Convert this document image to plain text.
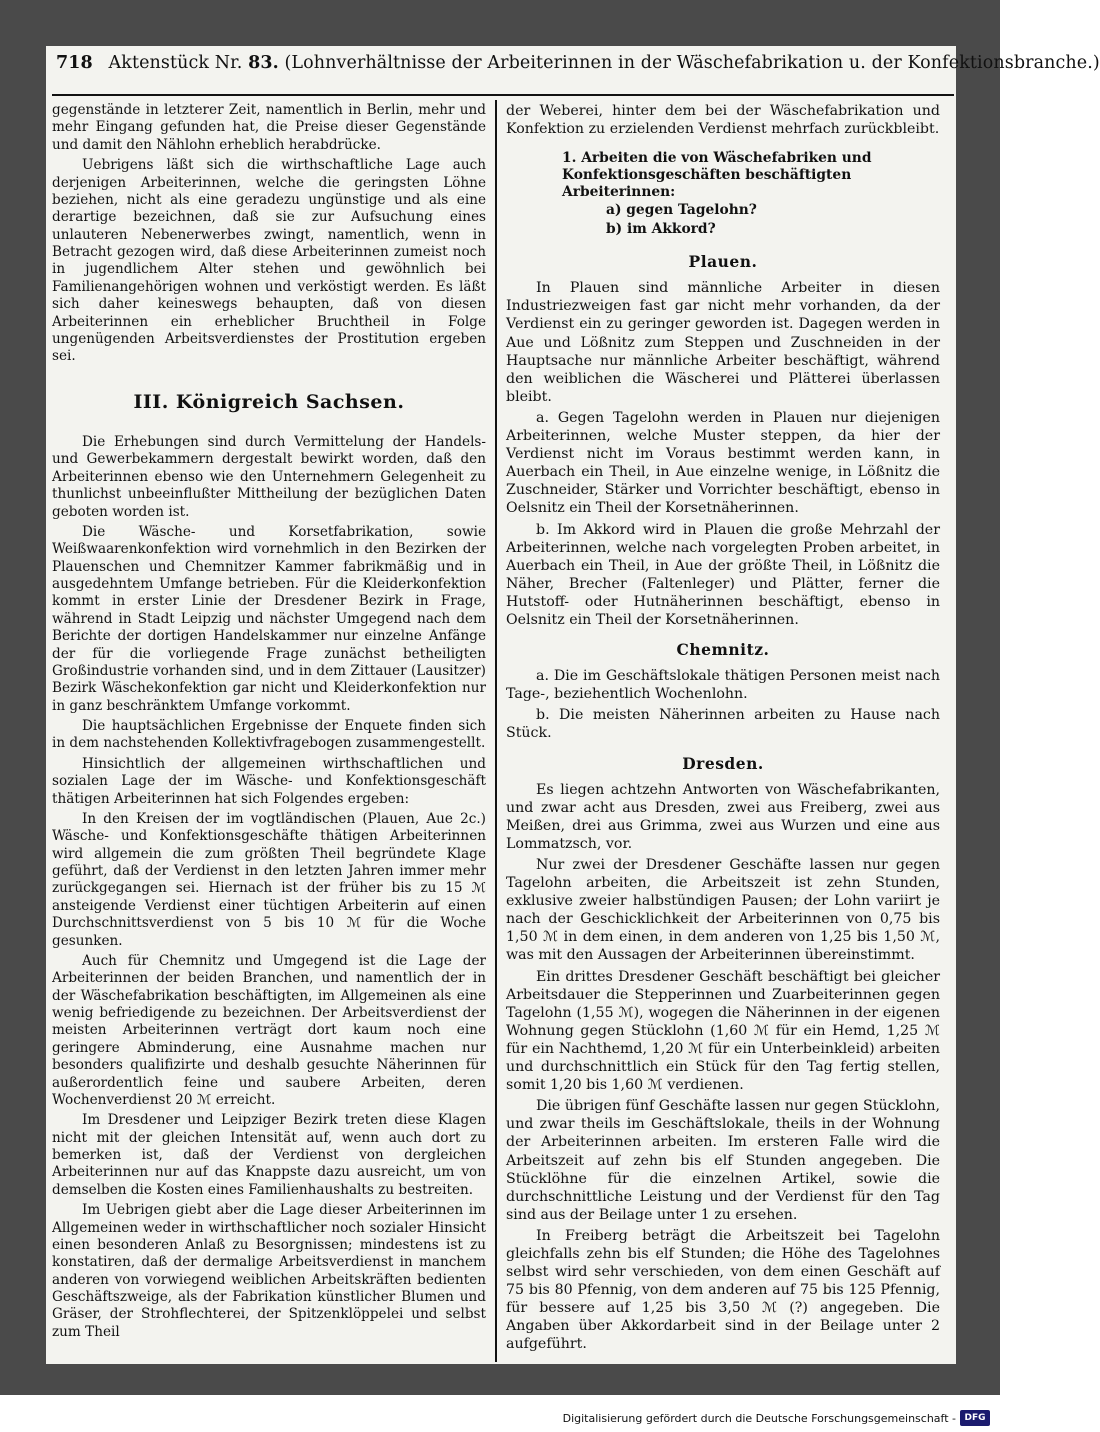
718 Aktenstück Nr. 83. (Lohnverhältnisse der Arbeiterinnen in der Wäschefabrikation u. der Konfektionsbranche.)

gegenstände in letzterer Zeit, namentlich in Berlin, mehr und mehr Eingang gefunden hat, die Preise dieser Gegenstände und damit den Nählohn erheblich herabdrücke.

Uebrigens läßt sich die wirthschaftliche Lage auch derjenigen Arbeiterinnen, welche die geringsten Löhne beziehen, nicht als eine geradezu ungünstige und als eine derartige bezeichnen, daß sie zur Aufsuchung eines unlauteren Nebenerwerbes zwingt, namentlich, wenn in Betracht gezogen wird, daß diese Arbeiterinnen zumeist noch in jugendlichem Alter stehen und gewöhnlich bei Familienangehörigen wohnen und verköstigt werden. Es läßt sich daher keineswegs behaupten, daß von diesen Arbeiterinnen ein erheblicher Bruchtheil in Folge ungenügenden Arbeitsverdienstes der Prostitution ergeben sei.

III. Königreich Sachsen.

Die Erhebungen sind durch Vermittelung der Handels- und Gewerbekammern dergestalt bewirkt worden, daß den Arbeiterinnen ebenso wie den Unternehmern Gelegenheit zu thunlichst unbeeinflußter Mittheilung der bezüglichen Daten geboten worden ist.

Die Wäsche- und Korsetfabrikation, sowie Weißwaarenkonfektion wird vornehmlich in den Bezirken der Plauenschen und Chemnitzer Kammer fabrikmäßig und in ausgedehntem Umfange betrieben. Für die Kleiderkonfektion kommt in erster Linie der Dresdener Bezirk in Frage, während in Stadt Leipzig und nächster Umgegend nach dem Berichte der dortigen Handelskammer nur einzelne Anfänge der für die vorliegende Frage zunächst betheiligten Großindustrie vorhanden sind, und in dem Zittauer (Lausitzer) Bezirk Wäschekonfektion gar nicht und Kleiderkonfektion nur in ganz beschränktem Umfange vorkommt.

Die hauptsächlichen Ergebnisse der Enquete finden sich in dem nachstehenden Kollektivfragebogen zusammengestellt.

Hinsichtlich der allgemeinen wirthschaftlichen und sozialen Lage der im Wäsche- und Konfektionsgeschäft thätigen Arbeiterinnen hat sich Folgendes ergeben:

In den Kreisen der im vogtländischen (Plauen, Aue 2c.) Wäsche- und Konfektionsgeschäfte thätigen Arbeiterinnen wird allgemein die zum größten Theil begründete Klage geführt, daß der Verdienst in den letzten Jahren immer mehr zurückgegangen sei. Hiernach ist der früher bis zu 15 ℳ ansteigende Verdienst einer tüchtigen Arbeiterin auf einen Durchschnittsverdienst von 5 bis 10 ℳ für die Woche gesunken.

Auch für Chemnitz und Umgegend ist die Lage der Arbeiterinnen der beiden Branchen, und namentlich der in der Wäschefabrikation beschäftigten, im Allgemeinen als eine wenig befriedigende zu bezeichnen. Der Arbeitsverdienst der meisten Arbeiterinnen verträgt dort kaum noch eine geringere Abminderung, eine Ausnahme machen nur besonders qualifizirte und deshalb gesuchte Näherinnen für außerordentlich feine und saubere Arbeiten, deren Wochenverdienst 20 ℳ erreicht.

Im Dresdener und Leipziger Bezirk treten diese Klagen nicht mit der gleichen Intensität auf, wenn auch dort zu bemerken ist, daß der Verdienst von dergleichen Arbeiterinnen nur auf das Knappste dazu ausreicht, um von demselben die Kosten eines Familienhaushalts zu bestreiten.

Im Uebrigen giebt aber die Lage dieser Arbeiterinnen im Allgemeinen weder in wirthschaftlicher noch sozialer Hinsicht einen besonderen Anlaß zu Besorgnissen; mindestens ist zu konstatiren, daß der dermalige Arbeitsverdienst in manchem anderen von vorwiegend weiblichen Arbeitskräften bedienten Geschäftszweige, als der Fabrikation künstlicher Blumen und Gräser, der Strohflechterei, der Spitzenklöppelei und selbst zum Theil

der Weberei, hinter dem bei der Wäschefabrikation und Konfektion zu erzielenden Verdienst mehrfach zurückbleibt.

1. Arbeiten die von Wäschefabriken und Konfektionsgeschäften beschäftigten Arbeiterinnen:
a) gegen Tagelohn?
b) im Akkord?
Plauen.

In Plauen sind männliche Arbeiter in diesen Industriezweigen fast gar nicht mehr vorhanden, da der Verdienst ein zu geringer geworden ist. Dagegen werden in Aue und Lößnitz zum Steppen und Zuschneiden in der Hauptsache nur männliche Arbeiter beschäftigt, während den weiblichen die Wäscherei und Plätterei überlassen bleibt.

a. Gegen Tagelohn werden in Plauen nur diejenigen Arbeiterinnen, welche Muster steppen, da hier der Verdienst nicht im Voraus bestimmt werden kann, in Auerbach ein Theil, in Aue einzelne wenige, in Lößnitz die Zuschneider, Stärker und Vorrichter beschäftigt, ebenso in Oelsnitz ein Theil der Korsetnäherinnen.

b. Im Akkord wird in Plauen die große Mehrzahl der Arbeiterinnen, welche nach vorgelegten Proben arbeitet, in Auerbach ein Theil, in Aue der größte Theil, in Lößnitz die Näher, Brecher (Faltenleger) und Plätter, ferner die Hutstoff- oder Hutnäherinnen beschäftigt, ebenso in Oelsnitz ein Theil der Korsetnäherinnen.

Chemnitz.

a. Die im Geschäftslokale thätigen Personen meist nach Tage-, beziehentlich Wochenlohn.

b. Die meisten Näherinnen arbeiten zu Hause nach Stück.

Dresden.

Es liegen achtzehn Antworten von Wäschefabrikanten, und zwar acht aus Dresden, zwei aus Freiberg, zwei aus Meißen, drei aus Grimma, zwei aus Wurzen und eine aus Lommatzsch, vor.

Nur zwei der Dresdener Geschäfte lassen nur gegen Tagelohn arbeiten, die Arbeitszeit ist zehn Stunden, exklusive zweier halbstündigen Pausen; der Lohn variirt je nach der Geschicklichkeit der Arbeiterinnen von 0,75 bis 1,50 ℳ in dem einen, in dem anderen von 1,25 bis 1,50 ℳ, was mit den Aussagen der Arbeiterinnen übereinstimmt.

Ein drittes Dresdener Geschäft beschäftigt bei gleicher Arbeitsdauer die Stepperinnen und Zuarbeiterinnen gegen Tagelohn (1,55 ℳ), wogegen die Näherinnen in der eigenen Wohnung gegen Stücklohn (1,60 ℳ für ein Hemd, 1,25 ℳ für ein Nachthemd, 1,20 ℳ für ein Unterbeinkleid) arbeiten und durchschnittlich ein Stück für den Tag fertig stellen, somit 1,20 bis 1,60 ℳ verdienen.

Die übrigen fünf Geschäfte lassen nur gegen Stücklohn, und zwar theils im Geschäftslokale, theils in der Wohnung der Arbeiterinnen arbeiten. Im ersteren Falle wird die Arbeitszeit auf zehn bis elf Stunden angegeben. Die Stücklöhne für die einzelnen Artikel, sowie die durchschnittliche Leistung und der Verdienst für den Tag sind aus der Beilage unter 1 zu ersehen.

In Freiberg beträgt die Arbeitszeit bei Tagelohn gleichfalls zehn bis elf Stunden; die Höhe des Tagelohnes selbst wird sehr verschieden, von dem einen Geschäft auf 75 bis 80 Pfennig, von dem anderen auf 75 bis 125 Pfennig, für bessere auf 1,25 bis 3,50 ℳ (?) angegeben. Die Angaben über Akkordarbeit sind in der Beilage unter 2 aufgeführt.

Digitalisierung gefördert durch die Deutsche Forschungsgemeinschaft - DFG
